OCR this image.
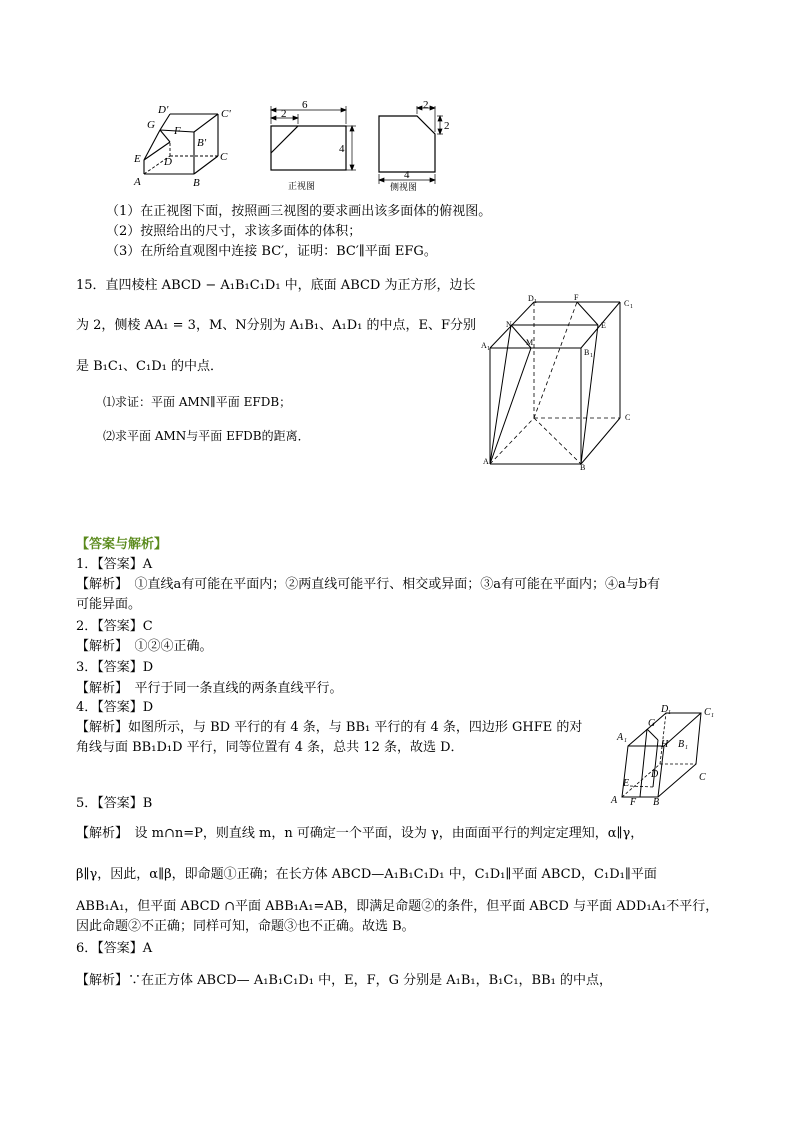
D'	C'
G F
B'
E D	C
A	B
6
2
4
正视图
2
2
4
侧视图
（1）在正视图下面，按照画三视图的要求画出该多面体的俯视图。
（2）按照给出的尺寸，求该多面体的体积；
（3）在所给直观图中连接 BC′，证明：BC′∥平面 EFG。
15．直四棱柱 ABCD − A₁B₁C₁D₁ 中，底面 ABCD 为正方形，边长
为 2，侧棱 AA₁ = 3，M、N分别为 A₁B₁、A₁D₁ 的中点，E、F分别
是 B₁C₁、C₁D₁ 的中点．
⑴求证：平面 AMN∥平面 EFDB；
⑵求平面 AMN与平面 EFDB的距离．
D 1	F
C 1
N	E
A 1
M
B 1
C
A
B
【答案与解析】
1．【答案】A
【解析】　①直线a有可能在平面内；②两直线可能平行、相交或异面；③a有可能在平面内；④a与b有
可能异面。
2．【答案】C
【解析】　①②④正确。
3．【答案】D
【解析】　平行于同一条直线的两条直线平行。
4．【答案】D
【解析】如图所示，与 BD 平行的有 4 条，与 BB₁ 平行的有 4 条，四边形 GHFE 的对
角线与面 BB₁D₁D 平行，同等位置有 4 条，总共 12 条，故选 D．
D 1	C 1
G
A 1	H B 1
E
D	C
A F B
5．【答案】B
【解析】　设 m∩n=P，则直线 m，n 可确定一个平面，设为 γ，由面面平行的判定定理知，α∥γ，
β∥γ，因此，α∥β，即命题①正确；在长方体 ABCD—A₁B₁C₁D₁ 中，C₁D₁∥平面 ABCD，C₁D₁∥平面
ABB₁A₁，但平面 ABCD ∩平面 ABB₁A₁=AB，即满足命题②的条件，但平面 ABCD 与平面 ADD₁A₁不平行，
因此命题②不正确；同样可知，命题③也不正确。故选 B。
6．【答案】A
【解析】∵在正方体 ABCD— A₁B₁C₁D₁ 中，E，F，G 分别是 A₁B₁，B₁C₁，BB₁ 的中点，
